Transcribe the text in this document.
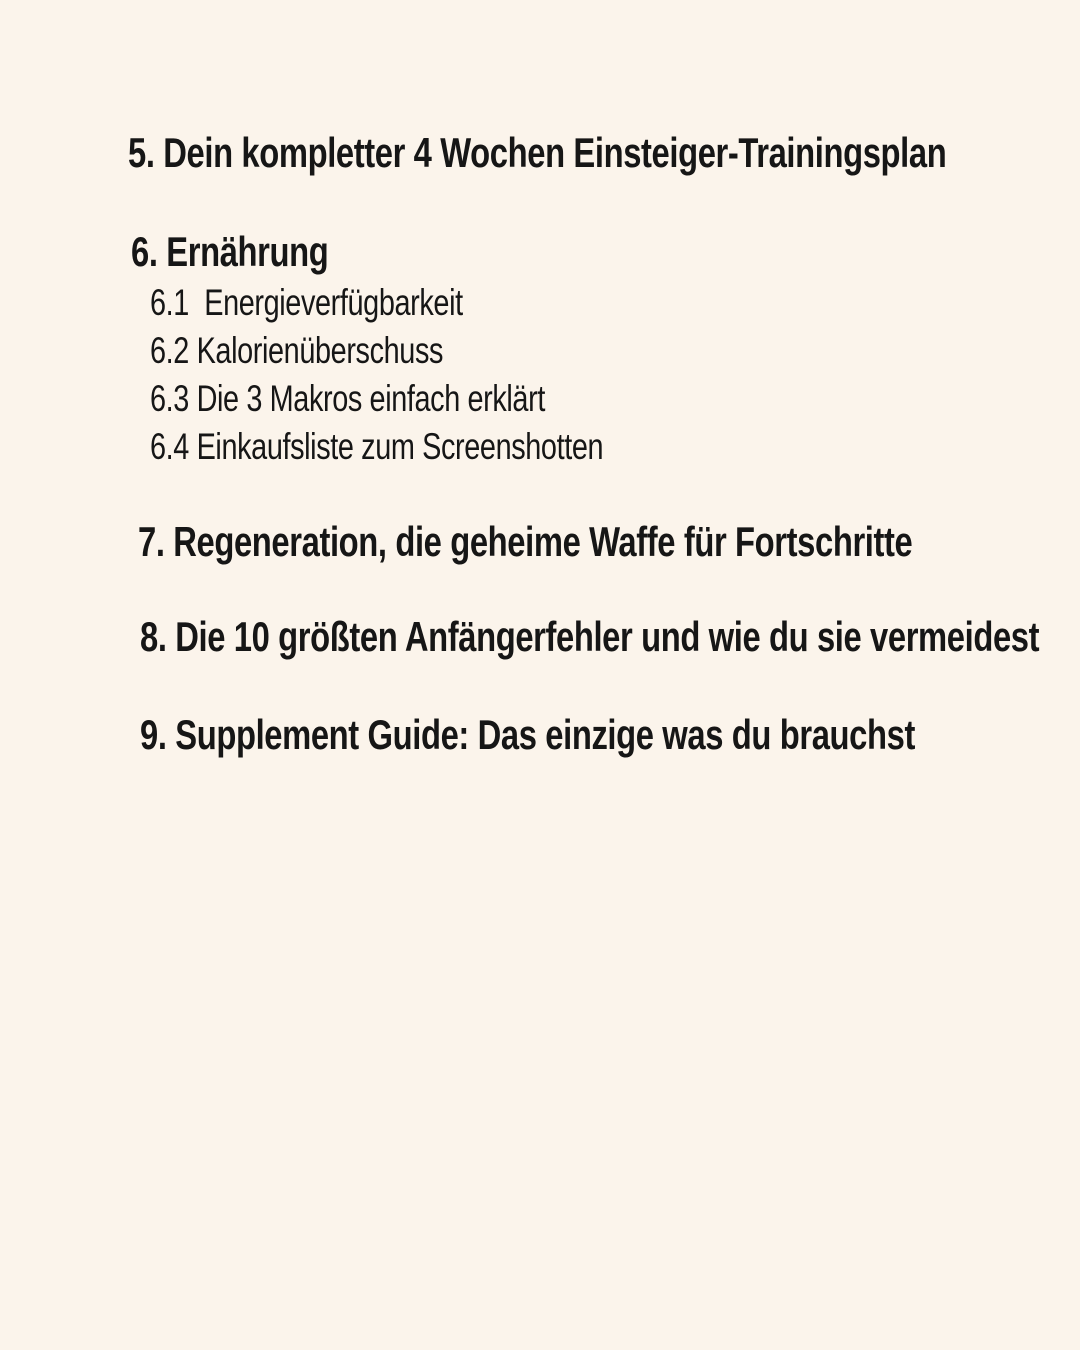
5. Dein kompletter 4 Wochen Einsteiger-Trainingsplan
6. Ernährung
6.1  Energieverfügbarkeit
6.2 Kalorienüberschuss
6.3 Die 3 Makros einfach erklärt
6.4 Einkaufsliste zum Screenshotten
7. Regeneration, die geheime Waffe für Fortschritte
8. Die 10 größten Anfängerfehler und wie du sie vermeidest
9. Supplement Guide: Das einzige was du brauchst
